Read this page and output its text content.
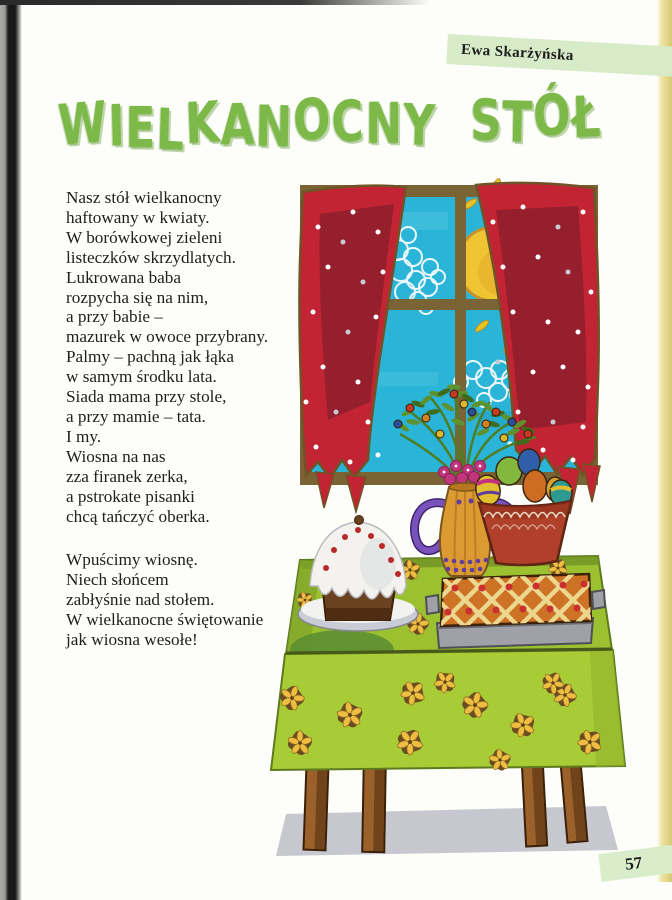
Ewa Skarżyńska
WIELKANOCNY STÓŁ
Nasz stół wielkanocny
haftowany w kwiaty.
W borówkowej zieleni
listeczków skrzydlatych.
Lukrowana baba
rozpycha się na nim,
a przy babie –
mazurek w owoce przybrany.
Palmy – pachną jak łąka
w samym środku lata.
Siada mama przy stole,
a przy mamie – tata.
I my.
Wiosna na nas
zza firanek zerka,
a pstrokate pisanki
chcą tańczyć oberka.
Wpuścimy wiosnę.
Niech słońcem
zabłyśnie nad stołem.
W wielkanocne świętowanie
jak wiosna wesołe!
57
